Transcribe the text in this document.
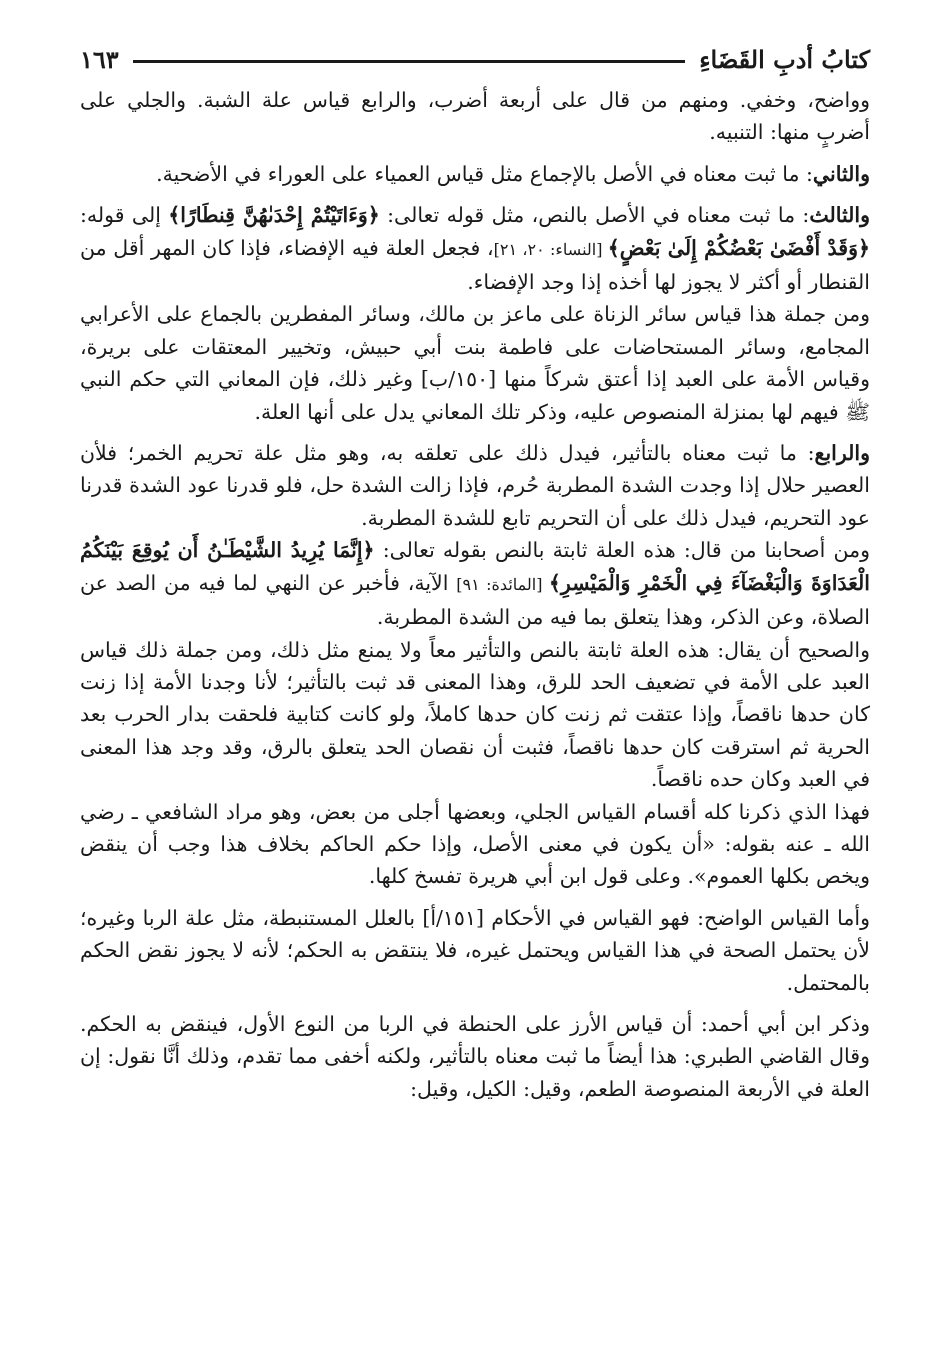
كتابُ أدبِ القَضَاءِ
١٦٣

وواضح، وخفي. ومنهم من قال على أربعة أضرب، والرابع قياس علة الشبة. والجلي على أضربٍ منها: التنبيه.

والثاني: ما ثبت معناه في الأصل بالإجماع مثل قياس العمياء على العوراء في الأضحية.

والثالث: ما ثبت معناه في الأصل بالنص، مثل قوله تعالى: ﴿وَءَاتَيْتُمْ إِحْدَىٰهُنَّ قِنطَارًا﴾ إلى قوله: ﴿وَقَدْ أَفْضَىٰ بَعْضُكُمْ إِلَىٰ بَعْضٍ﴾ [النساء: ٢٠، ٢١]، فجعل العلة فيه الإفضاء، فإذا كان المهر أقل من القنطار أو أكثر لا يجوز لها أخذه إذا وجد الإفضاء.

ومن جملة هذا قياس سائر الزناة على ماعز بن مالك، وسائر المفطرين بالجماع على الأعرابي المجامع، وسائر المستحاضات على فاطمة بنت أبي حبيش، وتخيير المعتقات على بريرة، وقياس الأمة على العبد إذا أعتق شركاً منها [١٥٠/ب] وغير ذلك، فإن المعاني التي حكم النبي ﷺ فيهم لها بمنزلة المنصوص عليه، وذكر تلك المعاني يدل على أنها العلة.

والرابع: ما ثبت معناه بالتأثير، فيدل ذلك على تعلقه به، وهو مثل علة تحريم الخمر؛ فلأن العصير حلال إذا وجدت الشدة المطربة حُرم، فإذا زالت الشدة حل، فلو قدرنا عود الشدة قدرنا عود التحريم، فيدل ذلك على أن التحريم تابع للشدة المطربة.

ومن أصحابنا من قال: هذه العلة ثابتة بالنص بقوله تعالى: ﴿إِنَّمَا يُرِيدُ الشَّيْطَـٰنُ أَن يُوقِعَ بَيْنَكُمُ الْعَدَاوَةَ وَالْبَغْضَآءَ فِي الْخَمْرِ وَالْمَيْسِرِ﴾ [المائدة: ٩١] الآية، فأخبر عن النهي لما فيه من الصد عن الصلاة، وعن الذكر، وهذا يتعلق بما فيه من الشدة المطربة.

والصحيح أن يقال: هذه العلة ثابتة بالنص والتأثير معاً ولا يمنع مثل ذلك، ومن جملة ذلك قياس العبد على الأمة في تضعيف الحد للرق، وهذا المعنى قد ثبت بالتأثير؛ لأنا وجدنا الأمة إذا زنت كان حدها ناقصاً، وإذا عتقت ثم زنت كان حدها كاملاً، ولو كانت كتابية فلحقت بدار الحرب بعد الحرية ثم استرقت كان حدها ناقصاً، فثبت أن نقصان الحد يتعلق بالرق، وقد وجد هذا المعنى في العبد وكان حده ناقصاً.

فهذا الذي ذكرنا كله أقسام القياس الجلي، وبعضها أجلى من بعض، وهو مراد الشافعي ـ رضي الله ـ عنه بقوله: «أن يكون في معنى الأصل، وإذا حكم الحاكم بخلاف هذا وجب أن ينقض ويخص بكلها العموم». وعلى قول ابن أبي هريرة تفسخ كلها.

وأما القياس الواضح: فهو القياس في الأحكام [١٥١/أ] بالعلل المستنبطة، مثل علة الربا وغيره؛ لأن يحتمل الصحة في هذا القياس ويحتمل غيره، فلا ينتقض به الحكم؛ لأنه لا يجوز نقض الحكم بالمحتمل.

وذكر ابن أبي أحمد: أن قياس الأرز على الحنطة في الربا من النوع الأول، فينقض به الحكم. وقال القاضي الطبري: هذا أيضاً ما ثبت معناه بالتأثير، ولكنه أخفى مما تقدم، وذلك أنَّا نقول: إن العلة في الأربعة المنصوصة الطعم، وقيل: الكيل، وقيل:
